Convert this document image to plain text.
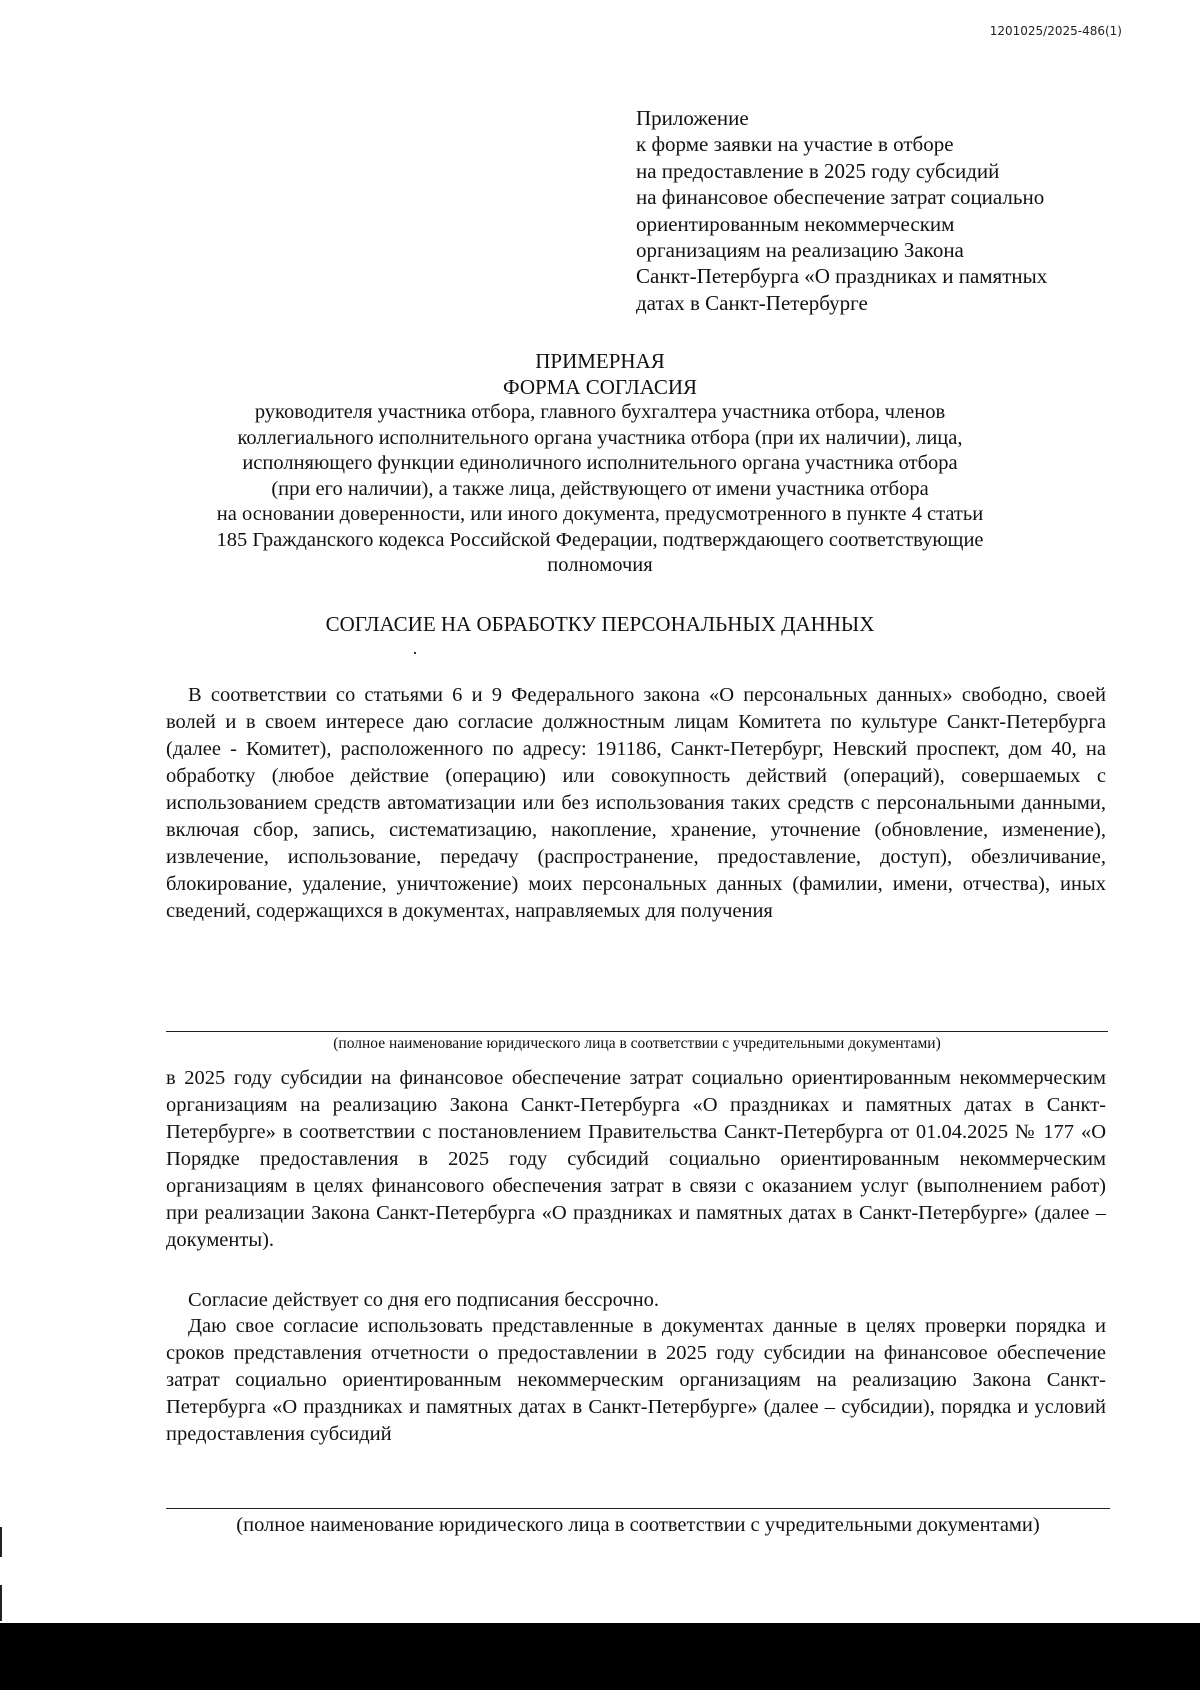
1201025/2025-486(1)
Приложение
к форме заявки на участие в отборе
на предоставление в 2025 году субсидий
на финансовое обеспечение затрат социально
ориентированным некоммерческим
организациям на реализацию Закона
Санкт-Петербурга «О праздниках и памятных
датах в Санкт-Петербурге
ПРИМЕРНАЯ
ФОРМА СОГЛАСИЯ
руководителя участника отбора, главного бухгалтера участника отбора, членов
коллегиального исполнительного органа участника отбора (при их наличии), лица,
исполняющего функции единоличного исполнительного органа участника отбора
(при его наличии), а также лица, действующего от имени участника отбора
на основании доверенности, или иного документа, предусмотренного в пункте 4 статьи
185 Гражданского кодекса Российской Федерации, подтверждающего соответствующие
полномочия
СОГЛАСИЕ НА ОБРАБОТКУ ПЕРСОНАЛЬНЫХ ДАННЫХ

В соответствии со статьями 6 и 9 Федерального закона «О персональных данных» свободно, своей волей и в своем интересе даю согласие должностным лицам Комитета по культуре Санкт-Петербурга (далее - Комитет), расположенного по адресу: 191186, Санкт-Петербург, Невский проспект, дом 40, на обработку (любое действие (операцию) или совокупность действий (операций), совершаемых с использованием средств автоматизации или без использования таких средств с персональными данными, включая сбор, запись, систематизацию, накопление, хранение, уточнение (обновление, изменение), извлечение, использование, передачу (распространение, предоставление, доступ), обезличивание, блокирование, удаление, уничтожение) моих персональных данных (фамилии, имени, отчества), иных сведений, содержащихся в документах, направляемых для получения

(полное наименование юридического лица в соответствии с учредительными документами)

в 2025 году субсидии на финансовое обеспечение затрат социально ориентированным некоммерческим организациям на реализацию Закона Санкт-Петербурга «О праздниках и памятных датах в Санкт-Петербурге» в соответствии с постановлением Правительства Санкт-Петербурга от 01.04.2025 № 177 «О Порядке предоставления в 2025 году субсидий социально ориентированным некоммерческим организациям в целях финансового обеспечения затрат в связи с оказанием услуг (выполнением работ) при реализации Закона Санкт-Петербурга «О праздниках и памятных датах в Санкт-Петербурге» (далее – документы).

Согласие действует со дня его подписания бессрочно.

Даю свое согласие использовать представленные в документах данные в целях проверки порядка и сроков представления отчетности о предоставлении в 2025 году субсидии на финансовое обеспечение затрат социально ориентированным некоммерческим организациям на реализацию Закона Санкт-Петербурга «О праздниках и памятных датах в Санкт-Петербурге» (далее – субсидии), порядка и условий предоставления субсидий

(полное наименование юридического лица в соответствии с учредительными документами)
